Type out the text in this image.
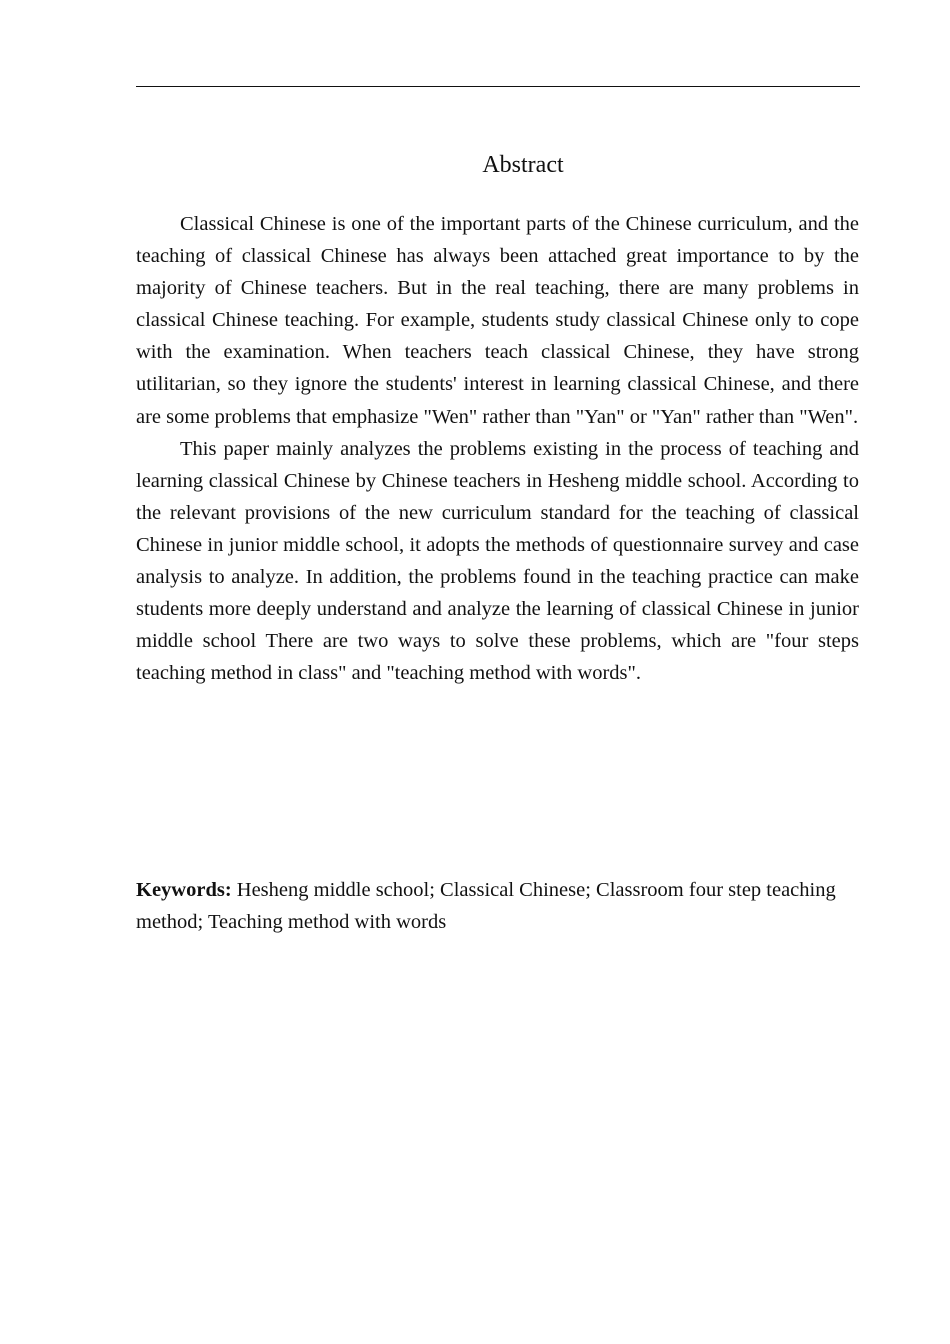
Abstract

Classical Chinese is one of the important parts of the Chinese curriculum, and the teaching of classical Chinese has always been attached great importance to by the majority of Chinese teachers. But in the real teaching, there are many problems in classical Chinese teaching. For example, students study classical Chinese only to cope with the examination. When teachers teach classical Chinese, they have strong utilitarian, so they ignore the students' interest in learning classical Chinese, and there are some problems that emphasize "Wen" rather than "Yan" or "Yan" rather than "Wen".

This paper mainly analyzes the problems existing in the process of teaching and learning classical Chinese by Chinese teachers in Hesheng middle school. According to the relevant provisions of the new curriculum standard for the teaching of classical Chinese in junior middle school, it adopts the methods of questionnaire survey and case analysis to analyze. In addition, the problems found in the teaching practice can make students more deeply understand and analyze the learning of classical Chinese in junior middle school There are two ways to solve these problems, which are "four steps teaching method in class" and "teaching method with words".

Keywords: Hesheng middle school; Classical Chinese; Classroom four step teaching method; Teaching method with words
